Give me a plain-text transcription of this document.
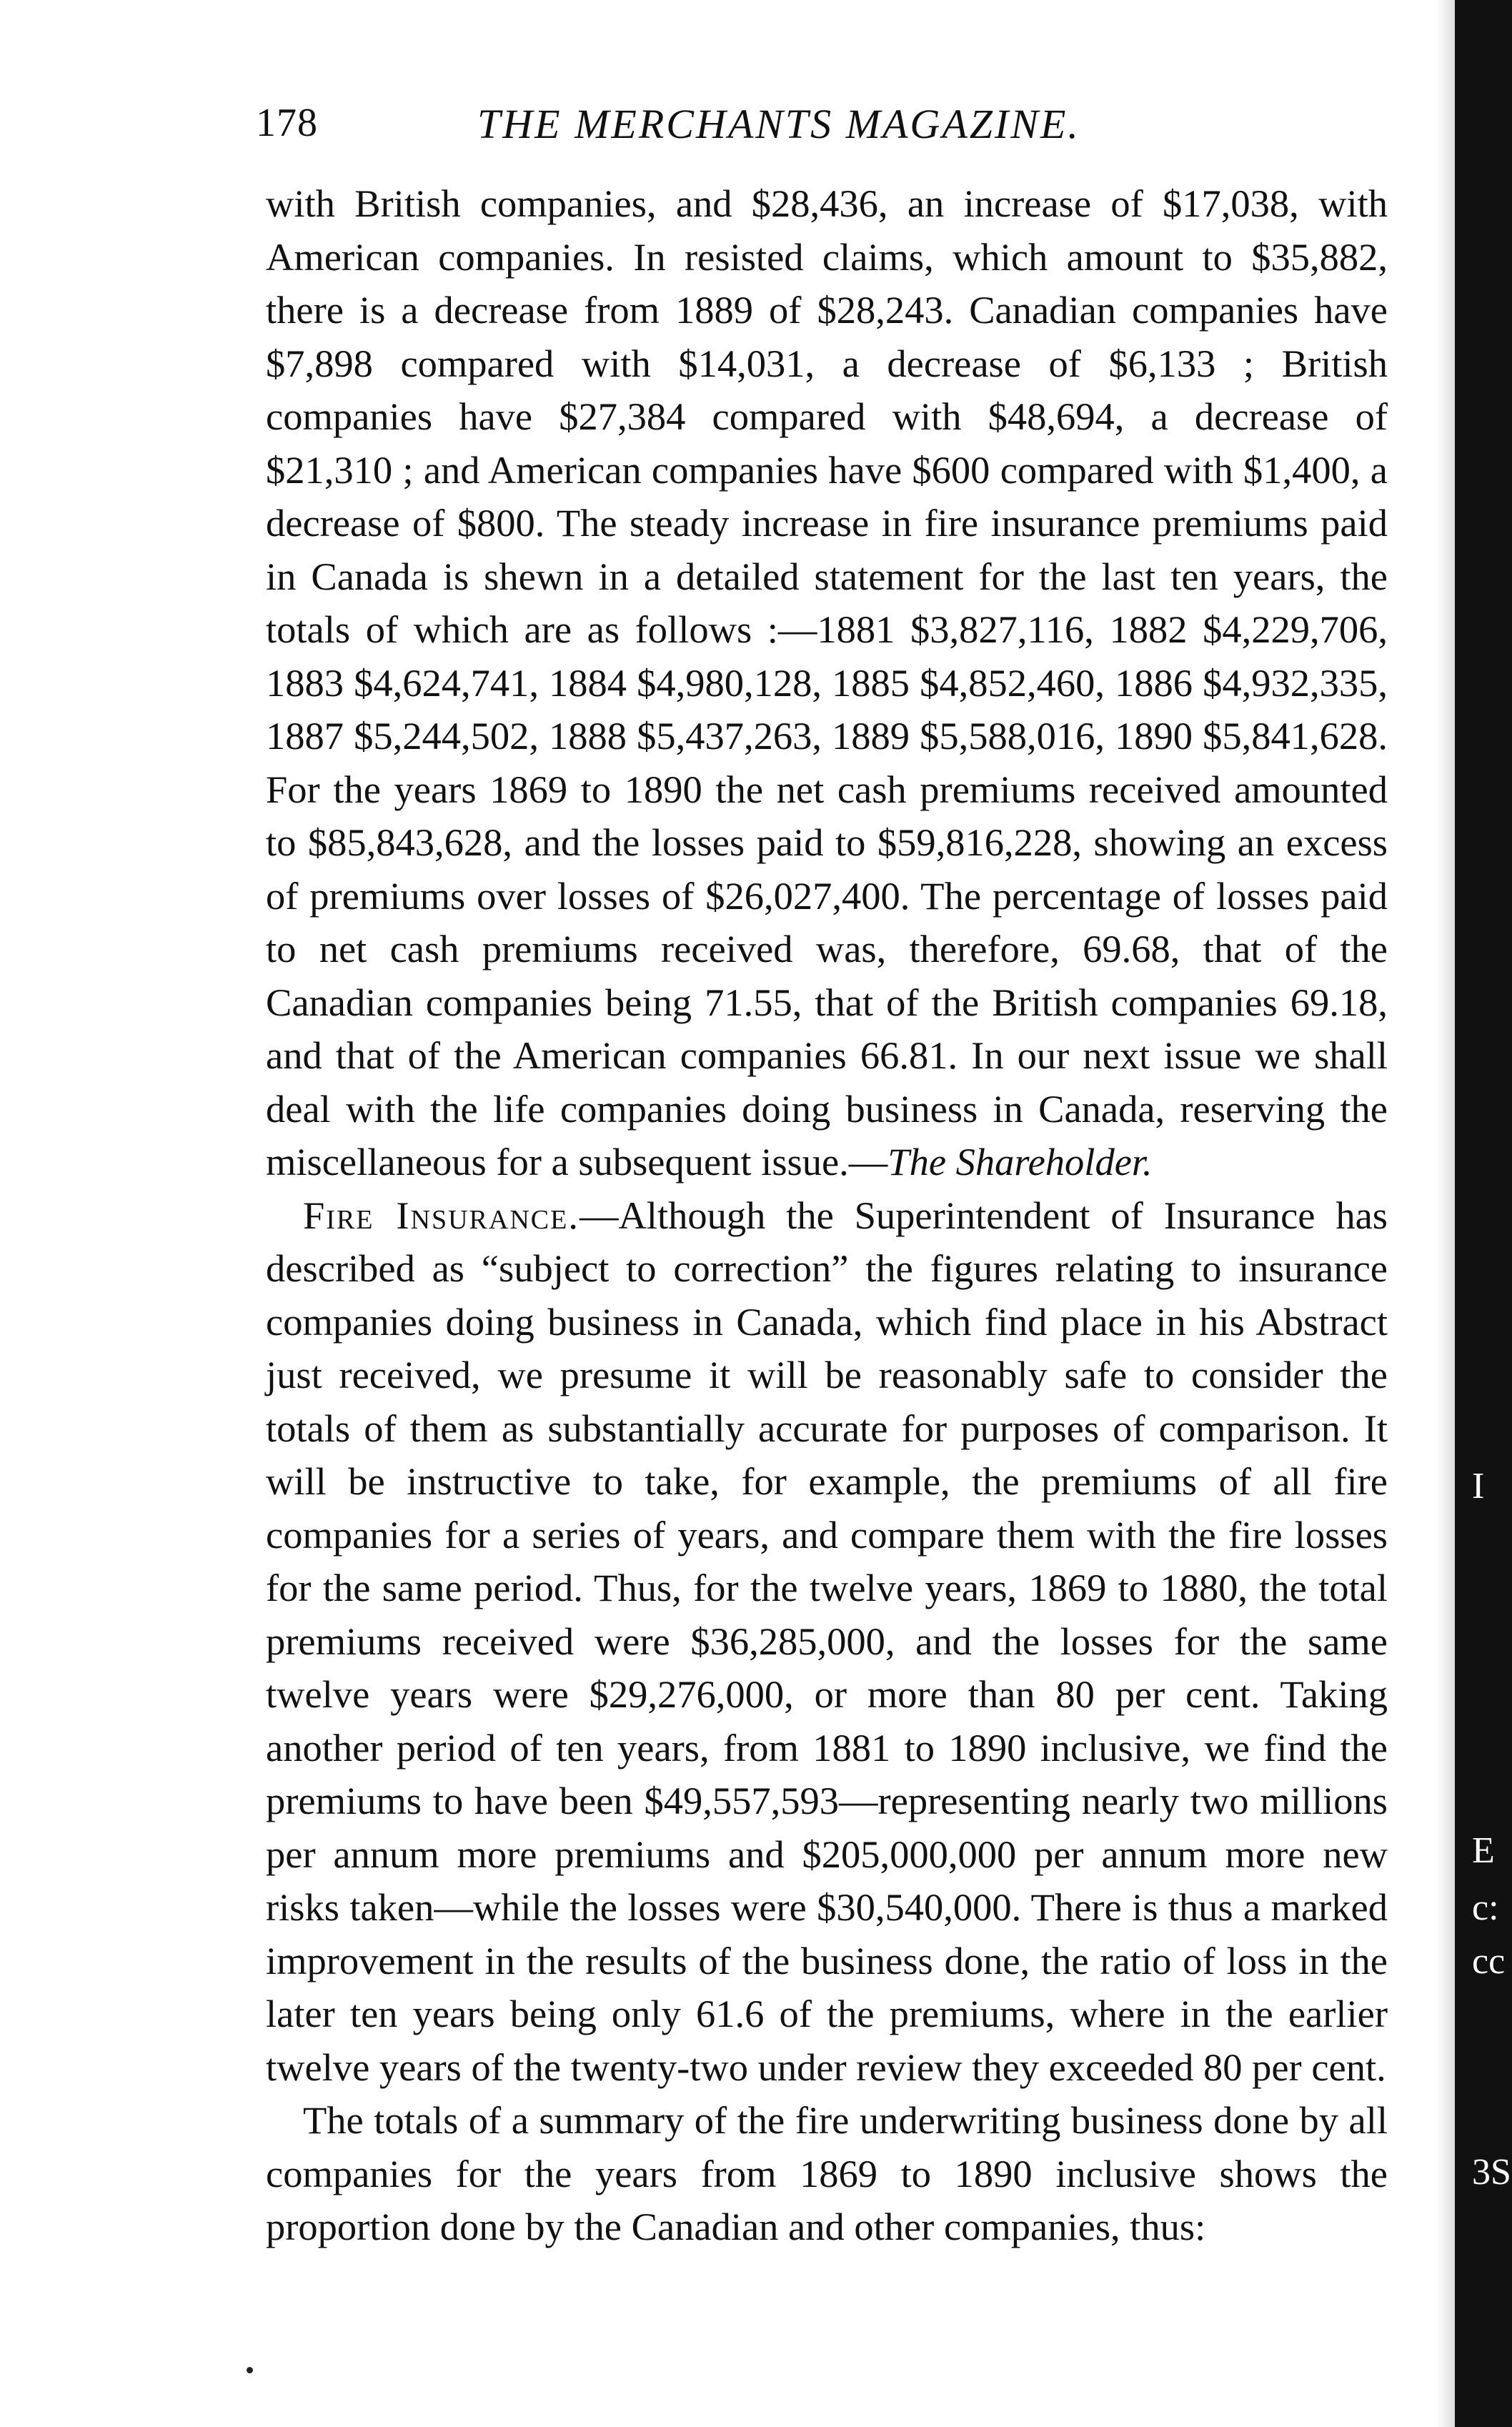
178	THE MERCHANTS MAGAZINE.

with British companies, and $28,436, an increase of $17,038, with American companies. In resisted claims, which amount to $35,882, there is a decrease from 1889 of $28,243. Canadian companies have $7,898 compared with $14,031, a decrease of $6,133 ; British companies have $27,384 compared with $48,694, a decrease of $21,310 ; and American companies have $600 compared with $1,400, a decrease of $800. The steady increase in fire insurance premiums paid in Canada is shewn in a detailed statement for the last ten years, the totals of which are as follows :—1881 $3,827,116, 1882 $4,229,706, 1883 $4,624,741, 1884 $4,980,128, 1885 $4,852,460, 1886 $4,932,335, 1887 $5,244,502, 1888 $5,437,263, 1889 $5,588,016, 1890 $5,841,628. For the years 1869 to 1890 the net cash premiums received amounted to $85,843,628, and the losses paid to $59,816,228, showing an excess of premiums over losses of $26,027,400. The percentage of losses paid to net cash premiums received was, therefore, 69.68, that of the Canadian companies being 71.55, that of the British companies 69.18, and that of the American companies 66.81. In our next issue we shall deal with the life companies doing business in Canada, reserving the miscellaneous for a subsequent issue.—The Shareholder.

Fire Insurance.—Although the Superintendent of Insurance has described as “subject to correction” the figures relating to insurance companies doing business in Canada, which find place in his Abstract just received, we presume it will be reasonably safe to consider the totals of them as substantially accurate for purposes of comparison. It will be instructive to take, for example, the premiums of all fire companies for a series of years, and compare them with the fire losses for the same period. Thus, for the twelve years, 1869 to 1880, the total premiums received were $36,285,000, and the losses for the same twelve years were $29,276,000, or more than 80 per cent. Taking another period of ten years, from 1881 to 1890 inclusive, we find the premiums to have been $49,557,593—representing nearly two millions per annum more premiums and $205,000,000 per annum more new risks taken—while the losses were $30,540,000. There is thus a marked improvement in the results of the business done, the ratio of loss in the later ten years being only 61.6 of the premiums, where in the earlier twelve years of the twenty-two under review they exceeded 80 per cent.

The totals of a summary of the fire underwriting business done by all companies for the years from 1869 to 1890 inclusive shows the proportion done by the Canadian and other companies, thus:

I
E
c:
cc
3S
